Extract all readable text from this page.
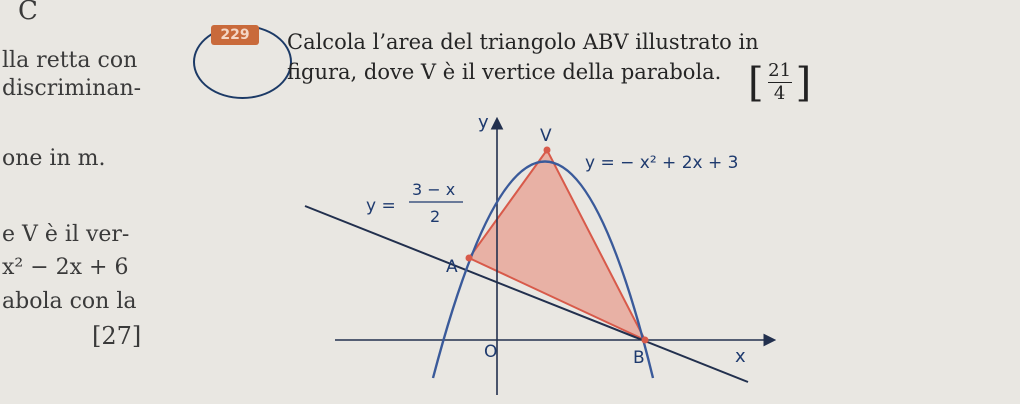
C
lla retta con
discriminan-
one in m.
e V è il ver-
x² − 2x + 6
abola con la
[27]
229	Calcola l’area del triangolo ABV illustrato in
figura, dove V è il vertice della parabola. [ $\frac{21}{4}$ ]
y
x
O
V
A
B
y = − x² + 2x + 3
y =
3 − x
2
